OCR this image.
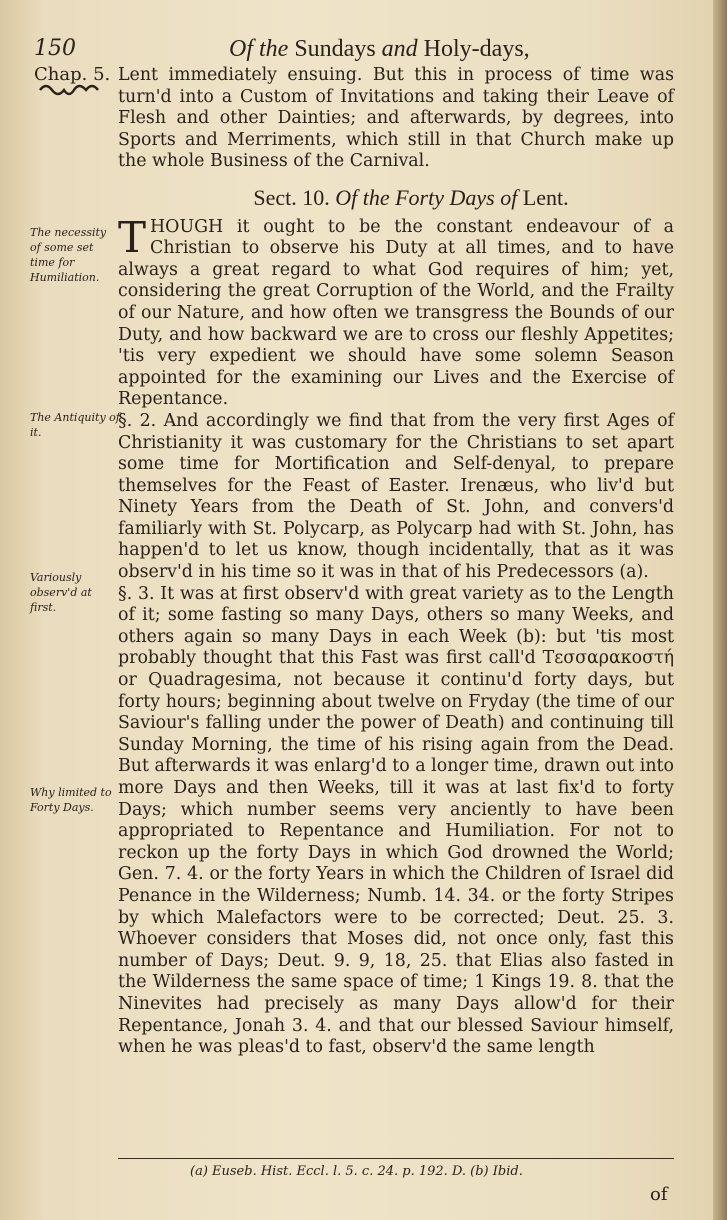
150	Of the Sundays and Holy-days,
Chap. 5.
The necessity of some set time for Humiliation.
The Antiquity of it.
Variously observ'd at first.
Why limited to Forty Days.

Lent immediately ensuing. But this in process of time was turn'd into a Custom of Invitations and taking their Leave of Flesh and other Dainties; and afterwards, by degrees, into Sports and Merriments, which still in that Church make up the whole Business of the Carnival.

Sect. 10. Of the Forty Days of Lent.

THOUGH it ought to be the constant endeavour of a Christian to observe his Duty at all times, and to have always a great regard to what God requires of him; yet, considering the great Corruption of the World, and the Frailty of our Nature, and how often we transgress the Bounds of our Duty, and how backward we are to cross our fleshly Appetites; 'tis very expedient we should have some solemn Season appointed for the examining our Lives and the Exercise of Repentance.

§. 2. And accordingly we find that from the very first Ages of Christianity it was customary for the Christians to set apart some time for Mortification and Self-denyal, to prepare themselves for the Feast of Easter. Irenæus, who liv'd but Ninety Years from the Death of St. John, and convers'd familiarly with St. Polycarp, as Polycarp had with St. John, has happen'd to let us know, though incidentally, that as it was observ'd in his time so it was in that of his Predecessors (a).

§. 3. It was at first observ'd with great variety as to the Length of it; some fasting so many Days, others so many Weeks, and others again so many Days in each Week (b): but 'tis most probably thought that this Fast was first call'd Τεσσαρακοστή or Quadragesima, not because it continu'd forty days, but forty hours; beginning about twelve on Fryday (the time of our Saviour's falling under the power of Death) and continuing till Sunday Morning, the time of his rising again from the Dead. But afterwards it was enlarg'd to a longer time, drawn out into more Days and then Weeks, till it was at last fix'd to forty Days; which number seems very anciently to have been appropriated to Repentance and Humiliation. For not to reckon up the forty Days in which God drowned the World; Gen. 7. 4. or the forty Years in which the Children of Israel did Penance in the Wilderness; Numb. 14. 34. or the forty Stripes by which Malefactors were to be corrected; Deut. 25. 3. Whoever considers that Moses did, not once only, fast this number of Days; Deut. 9. 9, 18, 25. that Elias also fasted in the Wilderness the same space of time; 1 Kings 19. 8. that the Ninevites had precisely as many Days allow'd for their Repentance, Jonah 3. 4. and that our blessed Saviour himself, when he was pleas'd to fast, observ'd the same length

(a) Euseb. Hist. Eccl. l. 5. c. 24. p. 192. D. (b) Ibid.
of
